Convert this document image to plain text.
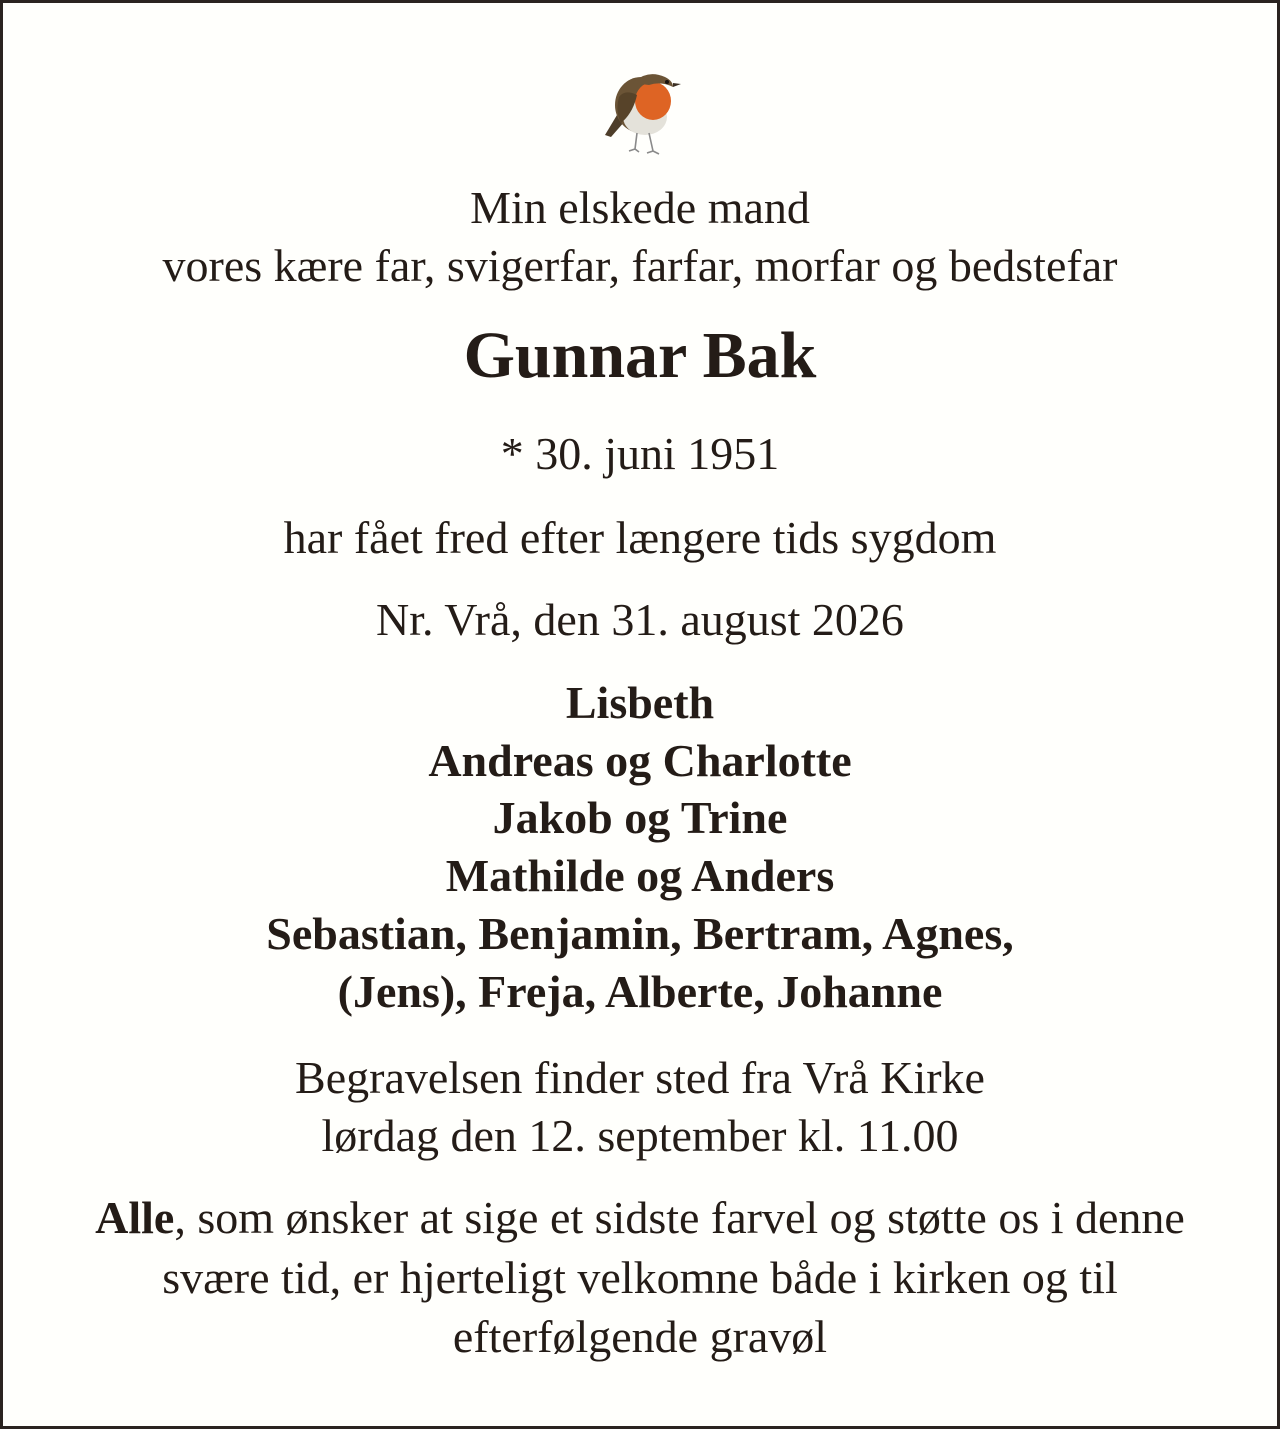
Min elskede mand
vores kære far, svigerfar, farfar, morfar og bedstefar
Gunnar Bak
* 30. juni 1951
har fået fred efter længere tids sygdom
Nr. Vrå, den 31. august 2026
Lisbeth
Andreas og Charlotte
Jakob og Trine
Mathilde og Anders
Sebastian, Benjamin, Bertram, Agnes,
(Jens), Freja, Alberte, Johanne
Begravelsen finder sted fra Vrå Kirke
lørdag den 12. september kl. 11.00
Alle, som ønsker at sige et sidste farvel og støtte os i denne
svære tid, er hjerteligt velkomne både i kirken og til
efterfølgende gravøl
